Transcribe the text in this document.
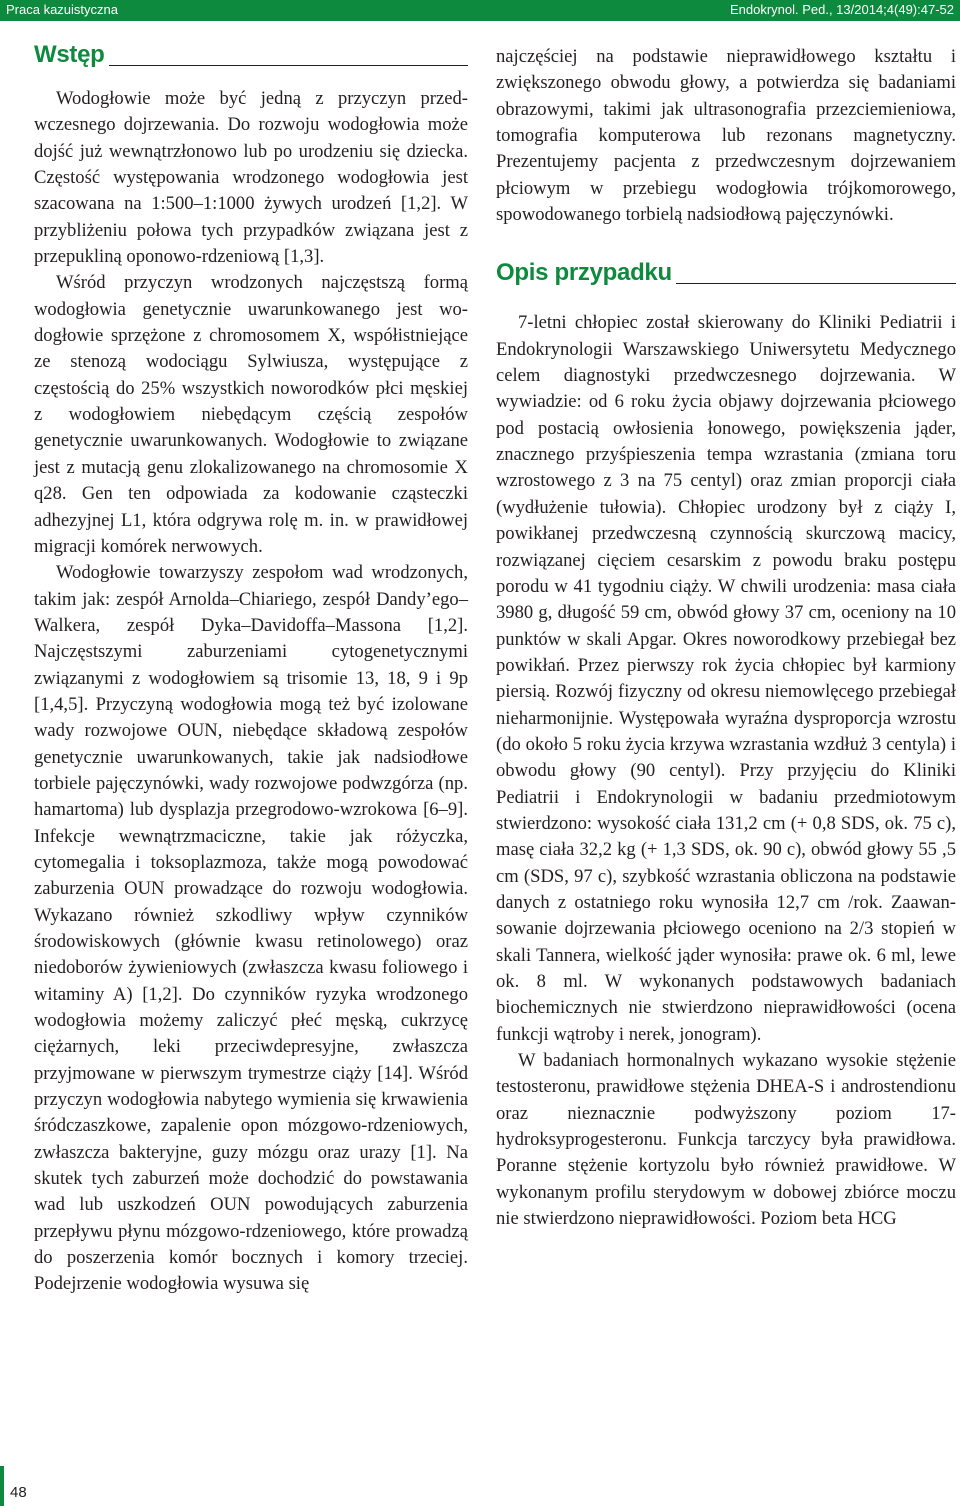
Praca kazuistyczna	Endokrynol. Ped., 13/2014;4(49):47-52
Wstęp

Wodogłowie może być jedną z przyczyn przedwczesnego dojrzewania. Do rozwoju wodogłowia może dojść już wewnątrzłonowo lub po urodzeniu się dziecka. Częstość występowania wrodzonego wodogłowia jest szacowana na 1:500–1:1000 żywych urodzeń [1,2]. W przybliżeniu połowa tych przypadków związana jest z przepukliną oponowo-rdzeniową [1,3].

Wśród przyczyn wrodzonych najczęstszą formą wodogłowia genetycznie uwarunkowanego jest wodogłowie sprzężone z chromosomem X, współistniejące ze stenozą wodociągu Sylwiusza, występujące z częstością do 25% wszystkich noworodków płci męskiej z wodogłowiem niebędącym częścią zespołów genetycznie uwarunkowanych. Wodogłowie to związane jest z mutacją genu zlokalizowanego na chromosomie X q28. Gen ten odpowiada za kodowanie cząsteczki adhezyjnej L1, która odgrywa rolę m. in. w prawidłowej migracji komórek nerwowych.

Wodogłowie towarzyszy zespołom wad wrodzonych, takim jak: zespół Arnolda–Chiariego, zespół Dandy’ego–Walkera, zespół Dyka–Davidoffa–Massona [1,2]. Najczęstszymi zaburzeniami cytogenetycznymi związanymi z wodogłowiem są trisomie 13, 18, 9 i 9p [1,4,5]. Przyczyną wodogłowia mogą też być izolowane wady rozwojowe OUN, niebędące składową zespołów genetycznie uwarunkowanych, takie jak nadsiodłowe torbiele pajęczynówki, wady rozwojowe podwzgórza (np. hamartoma) lub dysplazja przegrodowo-wzrokowa [6–9]. Infekcje wewnątrzmaciczne, takie jak różyczka, cytomegalia i toksoplazmoza, także mogą powodować zaburzenia OUN prowadzące do rozwoju wodogłowia. Wykazano również szkodliwy wpływ czynników środowiskowych (głównie kwasu retinolowego) oraz niedoborów żywieniowych (zwłaszcza kwasu foliowego i witaminy A) [1,2]. Do czynników ryzyka wrodzonego wodogłowia możemy zaliczyć płeć męską, cukrzycę ciężarnych, leki przeciwdepresyjne, zwłaszcza przyjmowane w pierwszym trymestrze ciąży [14]. Wśród przyczyn wodogłowia nabytego wymienia się krwawienia śródczaszkowe, zapalenie opon mózgowo-rdzeniowych, zwłaszcza bakteryjne, guzy mózgu oraz urazy [1]. Na skutek tych zaburzeń może dochodzić do powstawania wad lub uszkodzeń OUN powodujących zaburzenia przepływu płynu mózgowo-rdzeniowego, które prowadzą do poszerzenia komór bocznych i komory trzeciej. Podejrzenie wodogłowia wysuwa się

najczęściej na podstawie nieprawidłowego kształtu i zwiększonego obwodu głowy, a potwierdza się badaniami obrazowymi, takimi jak ultrasonografia przezciemieniowa, tomografia komputerowa lub rezonans magnetyczny. Prezentujemy pacjenta z przedwczesnym dojrzewaniem płciowym w przebiegu wodogłowia trójkomorowego, spowodowanego torbielą nadsiodłową pajęczynówki.

Opis przypadku

7-letni chłopiec został skierowany do Kliniki Pediatrii i Endokrynologii Warszawskiego Uniwersytetu Medycznego celem diagnostyki przedwczesnego dojrzewania. W wywiadzie: od 6 roku życia objawy dojrzewania płciowego pod postacią owłosienia łonowego, powiększenia jąder, znacznego przyśpieszenia tempa wzrastania (zmiana toru wzrostowego z 3 na 75 centyl) oraz zmian proporcji ciała (wydłużenie tułowia). Chłopiec urodzony był z ciąży I, powikłanej przedwczesną czynnością skurczową macicy, rozwiązanej cięciem cesarskim z powodu braku postępu porodu w 41 tygodniu ciąży. W chwili urodzenia: masa ciała 3980 g, długość 59 cm, obwód głowy 37 cm, oceniony na 10 punktów w skali Apgar. Okres noworodkowy przebiegał bez powikłań. Przez pierwszy rok życia chłopiec był karmiony piersią. Rozwój fizyczny od okresu niemowlęcego przebiegał nieharmonijnie. Występowała wyraźna dysproporcja wzrostu (do około 5 roku życia krzywa wzrastania wzdłuż 3 centyla) i obwodu głowy (90 centyl). Przy przyjęciu do Kliniki Pediatrii i Endokrynologii w badaniu przedmiotowym stwierdzono: wysokość ciała 131,2 cm (+ 0,8 SDS, ok. 75 c), masę ciała 32,2 kg (+ 1,3 SDS, ok. 90 c), obwód głowy 55 ,5 cm (SDS, 97 c), szybkość wzrastania obliczona na podstawie danych z ostatniego roku wynosiła 12,7 cm /rok. Zaawansowanie dojrzewania płciowego oceniono na 2/3 stopień w skali Tannera, wielkość jąder wynosiła: prawe ok. 6 ml, lewe ok. 8 ml. W wykonanych podstawowych badaniach biochemicznych nie stwierdzono nieprawidłowości (ocena funkcji wątroby i nerek, jonogram).

W badaniach hormonalnych wykazano wysokie stężenie testosteronu, prawidłowe stężenia DHEA-S i androstendionu oraz nieznacznie podwyższony poziom 17-hydroksyprogesteronu. Funkcja tarczycy była prawidłowa. Poranne stężenie kortyzolu było również prawidłowe. W wykonanym profilu sterydowym w dobowej zbiórce moczu nie stwierdzono nieprawidłowości. Poziom beta HCG

48
